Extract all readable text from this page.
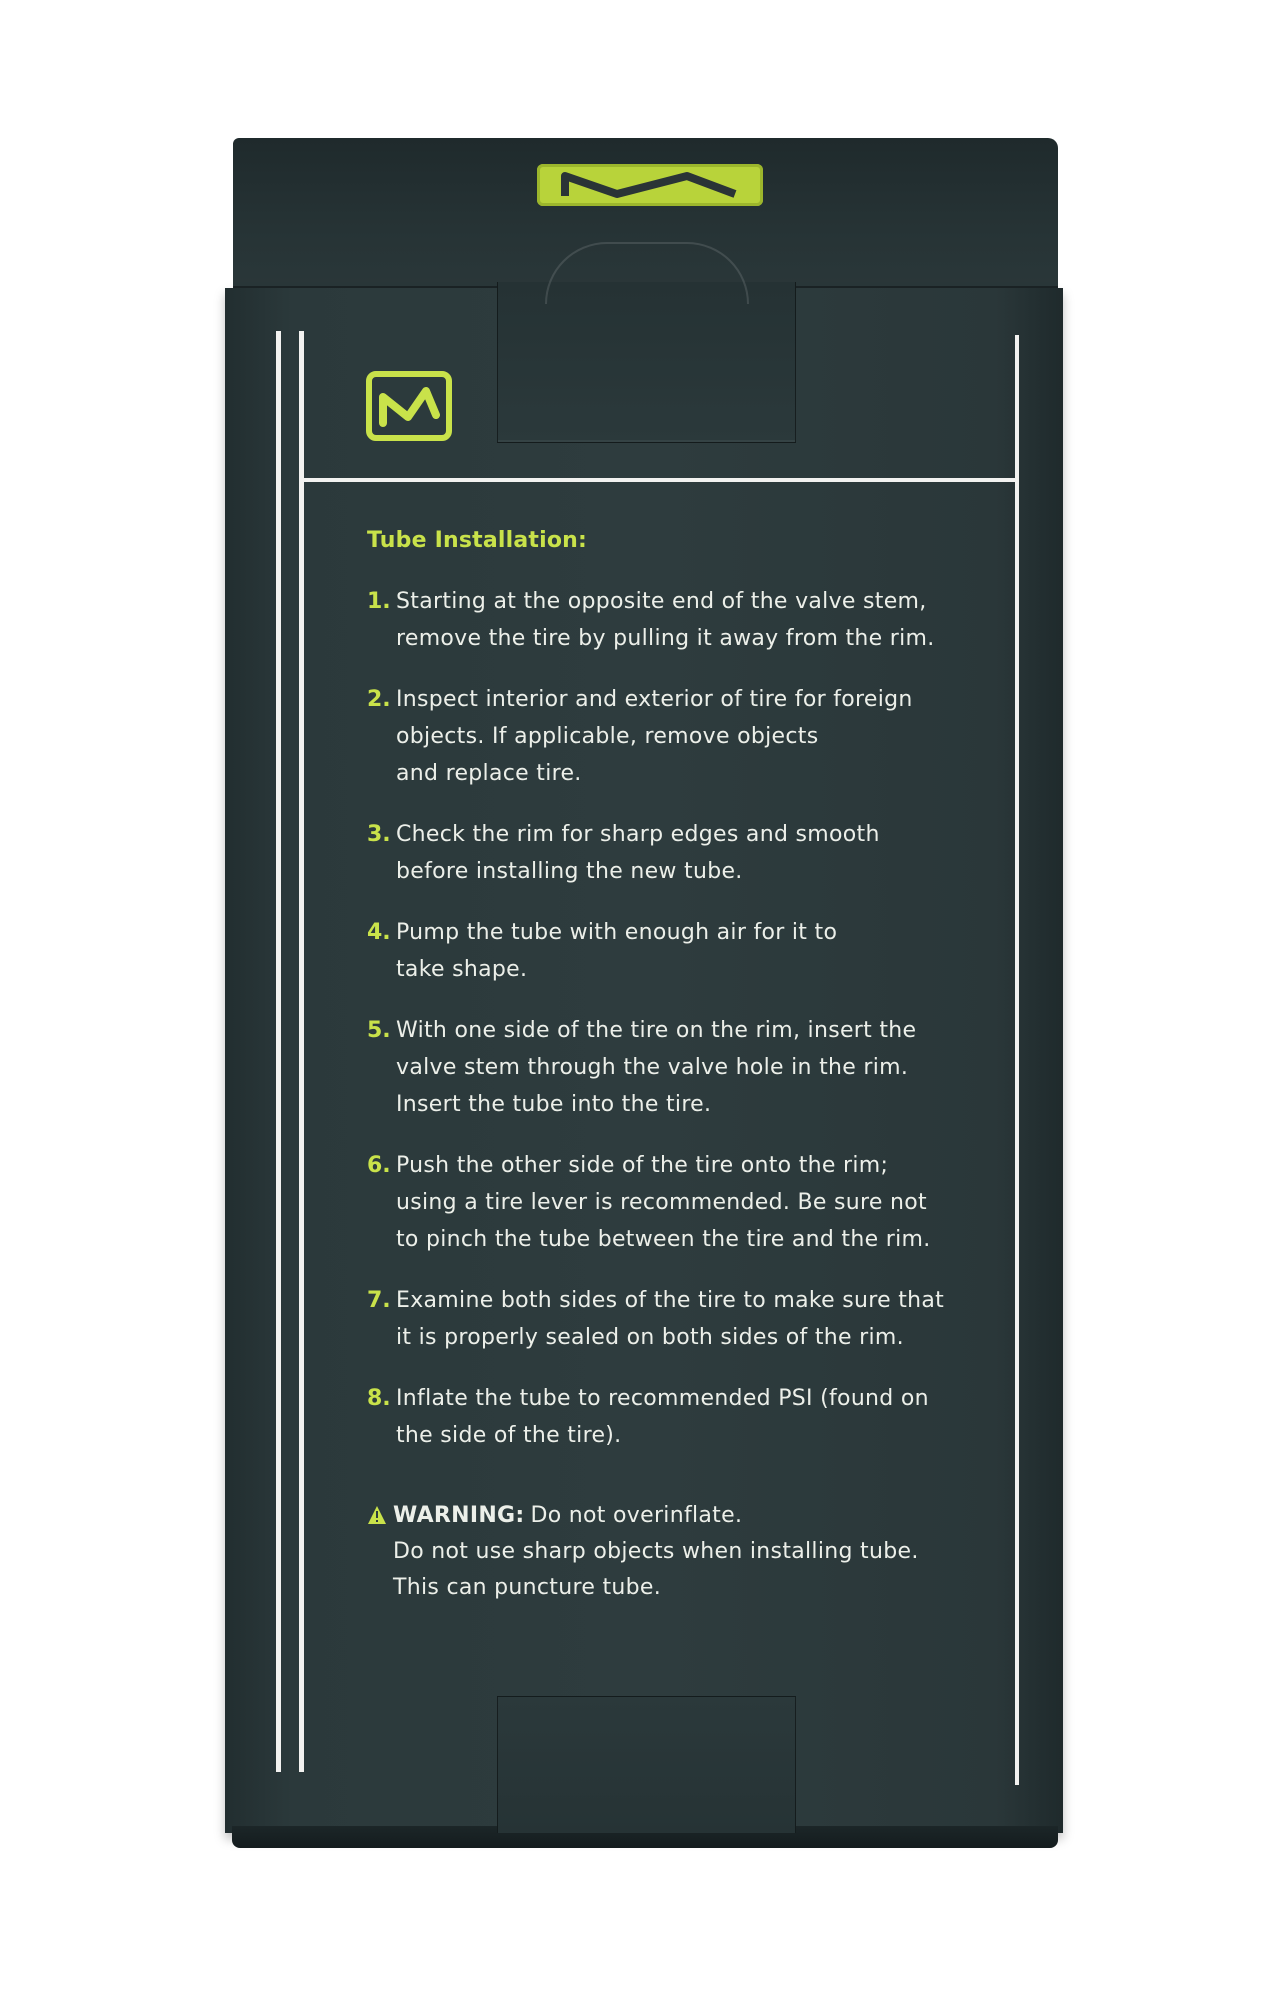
Tube Installation:
1. Starting at the opposite end of the valve stem,
remove the tire by pulling it away from the rim.
2. Inspect interior and exterior of tire for foreign
objects. If applicable, remove objects
and replace tire.
3. Check the rim for sharp edges and smooth
before installing the new tube.
4. Pump the tube with enough air for it to
take shape.
5. With one side of the tire on the rim, insert the
valve stem through the valve hole in the rim.
Insert the tube into the tire.
6. Push the other side of the tire onto the rim;
using a tire lever is recommended. Be sure not
to pinch the tube between the tire and the rim.
7. Examine both sides of the tire to make sure that
it is properly sealed on both sides of the rim.
8. Inflate the tube to recommended PSI (found on
the side of the tire).
WARNING: Do not overinflate.
Do not use sharp objects when installing tube.
This can puncture tube.
